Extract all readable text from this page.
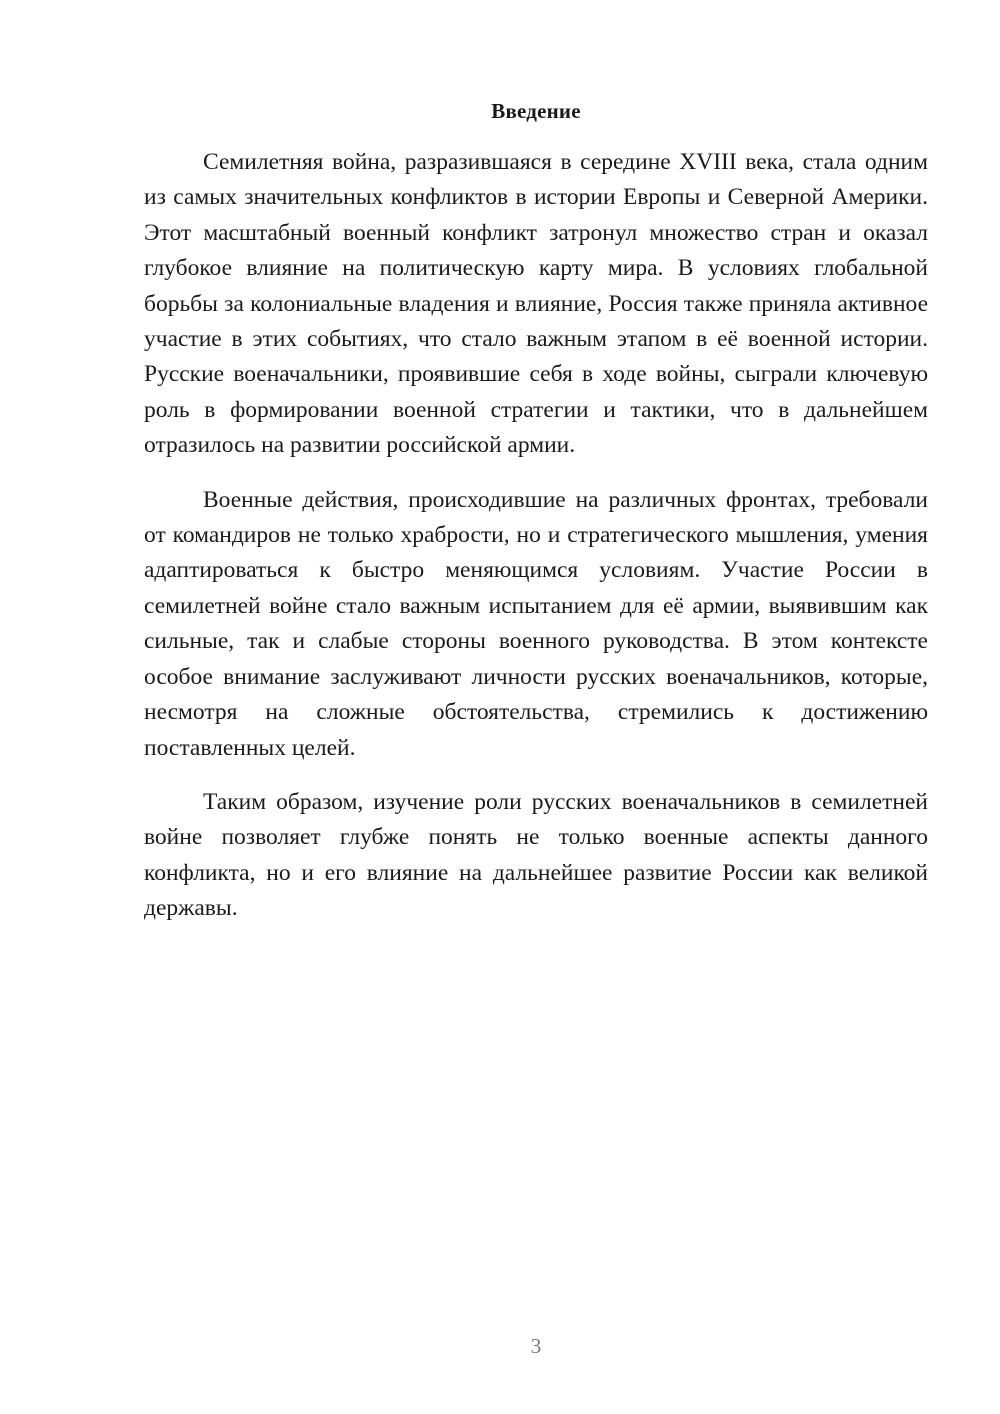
Введение

Семилетняя война, разразившаяся в середине XVIII века, стала одним из самых значительных конфликтов в истории Европы и Северной Америки. Этот масштабный военный конфликт затронул множество стран и оказал глубокое влияние на политическую карту мира. В условиях глобальной борьбы за колониальные владения и влияние, Россия также приняла активное участие в этих событиях, что стало важным этапом в её военной истории. Русские военачальники, проявившие себя в ходе войны, сыграли ключевую роль в формировании военной стратегии и тактики, что в дальнейшем отразилось на развитии российской армии.

Военные действия, происходившие на различных фронтах, требовали от командиров не только храбрости, но и стратегического мышления, умения адаптироваться к быстро меняющимся условиям. Участие России в семилетней войне стало важным испытанием для её армии, выявившим как сильные, так и слабые стороны военного руководства. В этом контексте особое внимание заслуживают личности русских военачальников, которые, несмотря на сложные обстоятельства, стремились к достижению поставленных целей.

Таким образом, изучение роли русских военачальников в семилетней войне позволяет глубже понять не только военные аспекты данного конфликта, но и его влияние на дальнейшее развитие России как великой державы.

3
